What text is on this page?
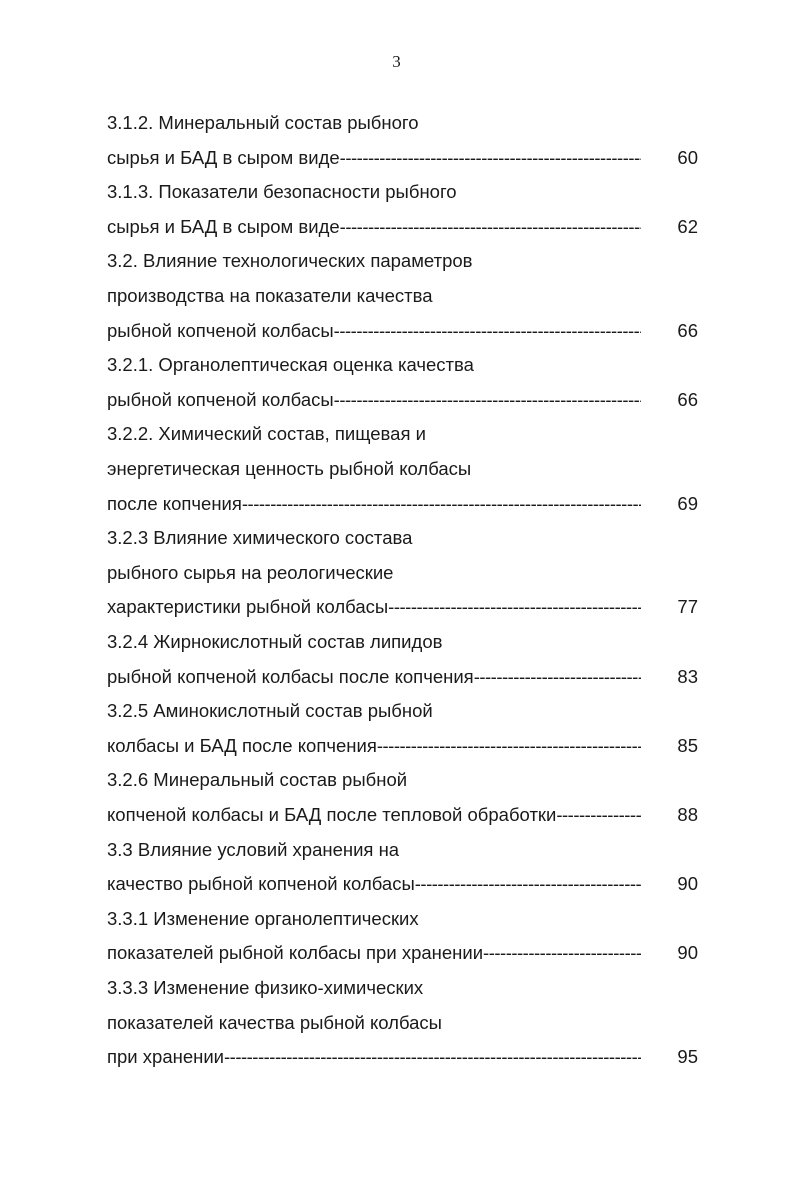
3
3.1.2. Минеральный состав рыбного
сырья и БАД в сыром виде -----	60
3.1.3. Показатели безопасности рыбного
сырья и БАД в сыром виде -----	62
3.2. Влияние технологических параметров
производства на показатели качества
рыбной копченой колбасы -----	66
3.2.1. Органолептическая оценка качества
рыбной копченой колбасы -----	66
3.2.2. Химический состав, пищевая и
энергетическая ценность рыбной колбасы
после копчения -----	69
3.2.3 Влияние химического состава
рыбного сырья на реологические
характеристики рыбной колбасы -----	77
3.2.4 Жирнокислотный состав липидов
рыбной копченой колбасы после копчения -----	83
3.2.5 Аминокислотный состав рыбной
колбасы и БАД после копчения -----	85
3.2.6 Минеральный состав рыбной
копченой колбасы и БАД после тепловой обработки -----	88
3.3 Влияние условий хранения на
качество рыбной копченой колбасы -----	90
3.3.1 Изменение органолептических
показателей рыбной колбасы при хранении -----	90
3.3.3 Изменение физико-химических
показателей качества рыбной колбасы
при хранении -----	95
